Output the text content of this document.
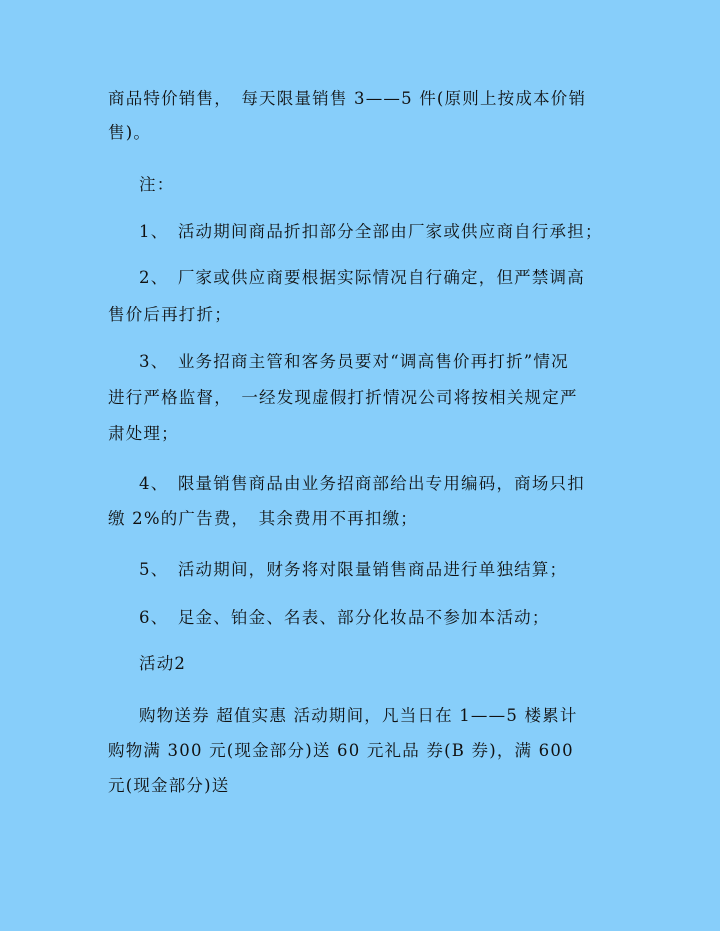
商品特价销售，　每天限量销售 3——5 件(原则上按成本价销
售)。
注：
1、　活动期间商品折扣部分全部由厂家或供应商自行承担；
2、　厂家或供应商要根据实际情况自行确定，但严禁调高
售价后再打折；
3、　业务招商主管和客务员要对“调高售价再打折”情况
进行严格监督，　一经发现虚假打折情况公司将按相关规定严
肃处理；
4、　限量销售商品由业务招商部给出专用编码，商场只扣
缴 2%的广告费，　其余费用不再扣缴；
5、　活动期间，财务将对限量销售商品进行单独结算；
6、　足金、铂金、名表、部分化妆品不参加本活动；
活动2
购物送券 超值实惠 活动期间，凡当日在 1——5 楼累计
购物满 300 元(现金部分)送 60 元礼品 券(B 券)，满 600
元(现金部分)送
